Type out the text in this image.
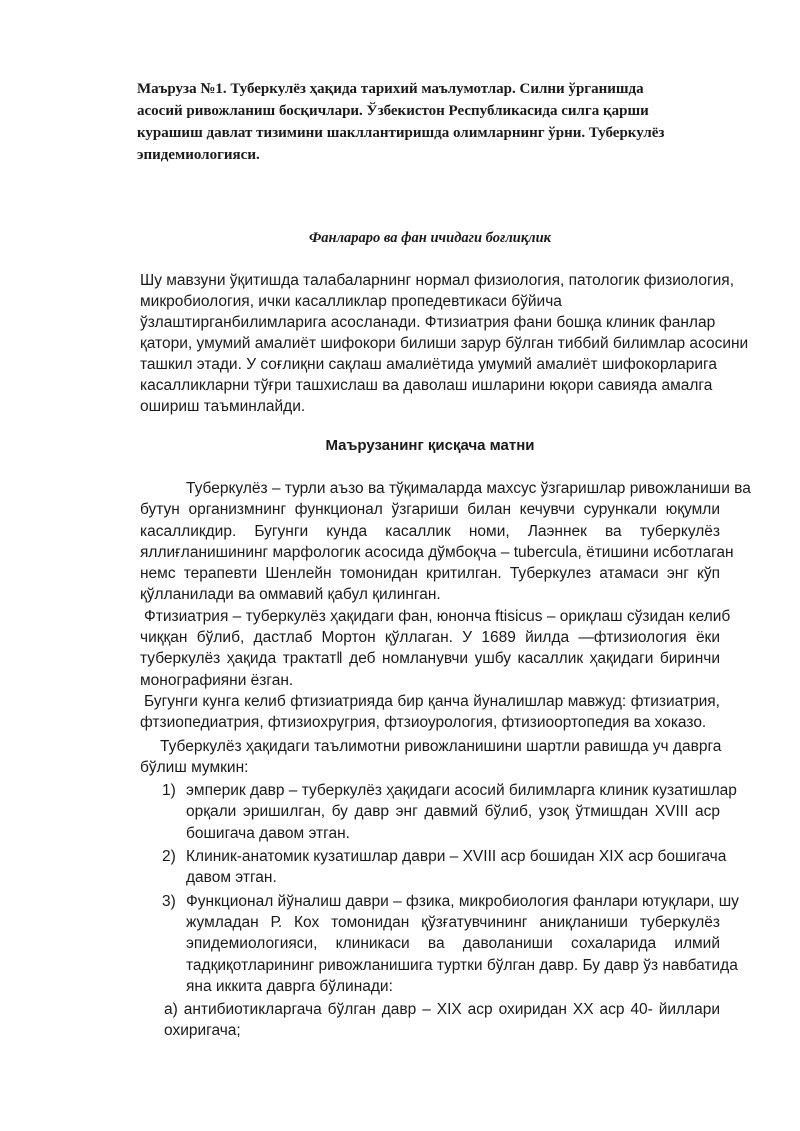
Маъруза №1. Туберкулёз ҳақида тарихий маълумотлар. Силни ўрганишда
асосий ривожланиш босқичлари. Ўзбекистон Республикасида силга қарши
курашиш давлат тизимини шакллантиришда олимларнинг ўрни. Туберкулёз
эпидемиологияси.
Фанлараро ва фан ичидаги боғлиқлик
Шу мавзуни ўқитишда талабаларнинг нормал физиология, патологик физиология,
микробиология, ички касалликлар пропедевтикаси бўйича
ўзлаштирганбилимларига асосланади. Фтизиатрия фани бошқа клиник фанлар
қатори, умумий амалиёт шифокори билиши зарур бўлган тиббий билимлар асосини
ташкил этади. У соғлиқни сақлаш амалиётида умумий амалиёт шифокорларига
касалликларни тўғри ташхислаш ва даволаш ишларини юқори савияда амалга
ошириш таъминлайди.
Маърузанинг қисқача матни
Туберкулёз – турли аъзо ва тўқималарда махсус ўзгаришлар ривожланиши ва
бутун организмнинг функционал ўзгариши билан кечувчи сурункали юқумли
касалликдир. Бугунги кунда касаллик номи, Лаэннек ва туберкулёз
яллиғланишининг марфологик асосида дўмбоқча – tubercula, ётишини исботлаган
немс терапевти Шенлейн томонидан критилган. Туберкулез атамаси энг кўп
қўлланилади ва оммавий қабул қилинган.
Фтизиатрия – туберкулёз ҳақидаги фан, юнонча ftisicus – ориқлаш сўзидан келиб
чиққан бўлиб, дастлаб Мортон қўллаган. У 1689 йилда ―фтизиология ёки
туберкулёз ҳақида трактат‖ деб номланувчи ушбу касаллик ҳақидаги биринчи
монографияни ёзган.
Бугунги кунга келиб фтизиатрияда бир қанча йуналишлар мавжуд: фтизиатрия,
фтзиопедиатрия, фтизиохругрия, фтзиоурология, фтизиоортопедия ва хоказо.
Туберкулёз ҳақидаги таълимотни ривожланишини шартли равишда уч даврга
бўлиш мумкин:
1) эмперик давр – туберкулёз ҳақидаги асосий билимларга клиник кузатишлар
орқали эришилган, бу давр энг давмий бўлиб, узоқ ўтмишдан XVIII аср
бошигача давом этган.
2) Клиник-анатомик кузатишлар даври – XVIII аср бошидан XIX аср бошигача
давом этган.
3) Функционал йўналиш даври – фзика, микробиология фанлари ютуқлари, шу
жумладан Р. Кох томонидан қўзғатувчининг аниқланиши туберкулёз
эпидемиологияси, клиникаси ва даволаниши сохаларида илмий
тадқиқотларининг ривожланишига туртки бўлган давр. Бу давр ўз навбатида
яна иккита даврга бўлинади:
а) антибиотикларгача бўлган давр – XIX аср охиридан XX аср 40- йиллари
охиригача;
